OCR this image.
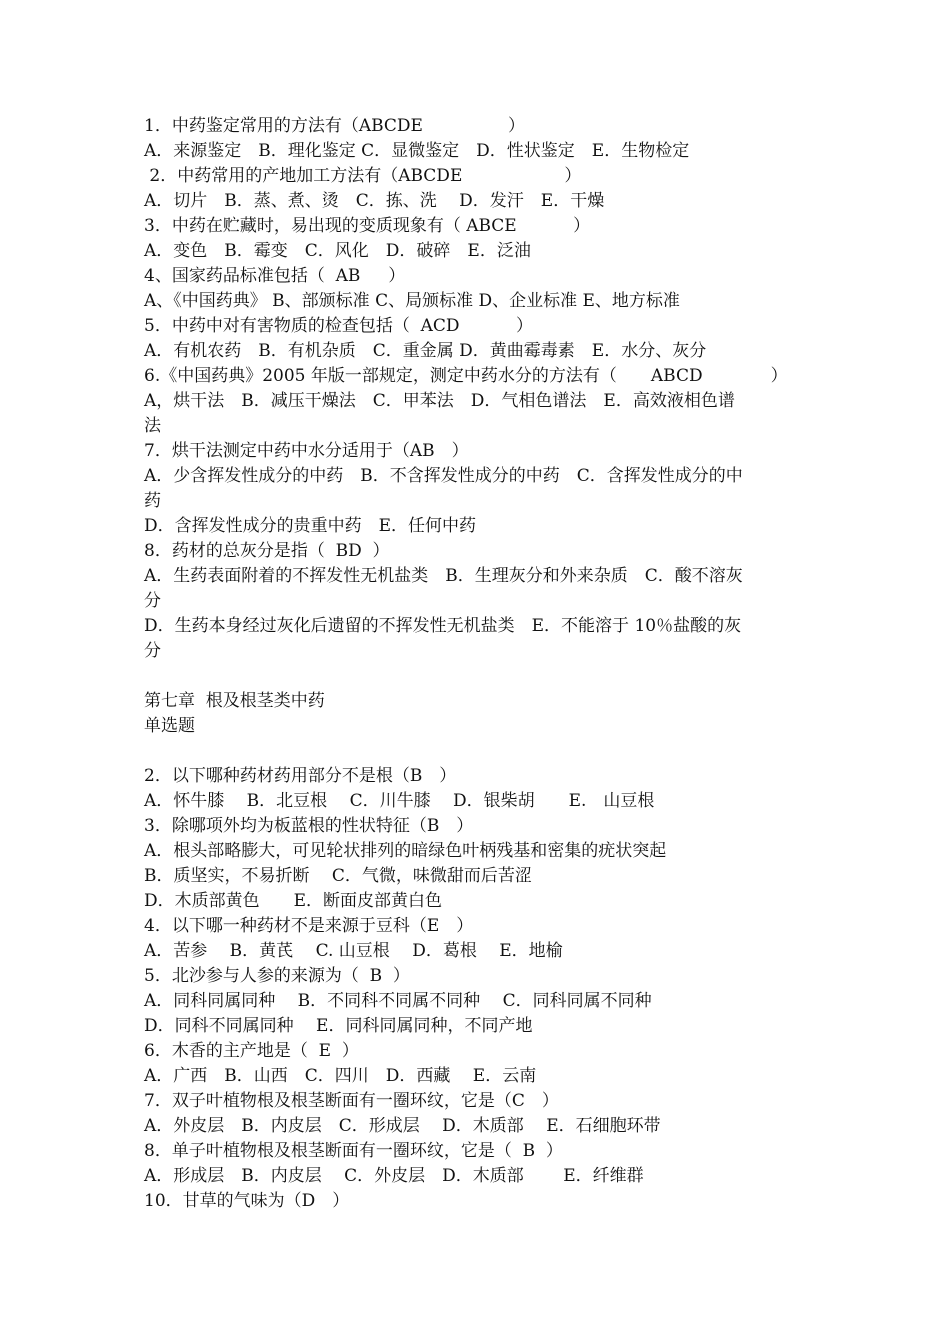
1．中药鉴定常用的方法有（ABCDE　　　　　）
A．来源鉴定　B．理化鉴定 C．显微鉴定　D．性状鉴定　E．生物检定
2．中药常用的产地加工方法有（ABCDE　　　　　　）
A．切片　B．蒸、煮、烫　C．拣、洗　 D．发汗　E．干燥
3．中药在贮藏时，易出现的变质现象有（ ABCE　　　 ）
A．变色　B．霉变　C．风化　D．破碎　E．泛油
4、国家药品标准包括（  AB　  ）
A、《中国药典》 B、部颁标准 C、局颁标准 D、企业标准 E、地方标准
5．中药中对有害物质的检查包括（  ACD　　　 ）
A．有机农药　B．有机杂质　C．重金属 D．黄曲霉毒素　E．水分、灰分
6.《中国药典》2005 年版一部规定，测定中药水分的方法有（　　ABCD　　　　）
A，烘干法　B．减压干燥法　C．甲苯法　D．气相色谱法　E．高效液相色谱
法
7．烘干法测定中药中水分适用于（AB　）
A．少含挥发性成分的中药　B．不含挥发性成分的中药　C．含挥发性成分的中
药
D．含挥发性成分的贵重中药　E．任何中药
8．药材的总灰分是指（  BD  ）
A．生药表面附着的不挥发性无机盐类　B．生理灰分和外来杂质　C．酸不溶灰
分
D．生药本身经过灰化后遗留的不挥发性无机盐类　E．不能溶于 10％盐酸的灰
分
第七章  根及根茎类中药
单选题
2．以下哪种药材药用部分不是根（B　）
A．怀牛膝　 B．北豆根　 C．川牛膝　 D．银柴胡　　E.　山豆根
3．除哪项外均为板蓝根的性状特征（B　）
A．根头部略膨大，可见轮状排列的暗绿色叶柄残基和密集的疣状突起
B．质坚实，不易折断　 C．气微，味微甜而后苦涩
D．木质部黄色　　E．断面皮部黄白色
4．以下哪一种药材不是来源于豆科（E　）
A．苦参　 B．黄芪　 C. 山豆根　 D．葛根　 E．地榆
5．北沙参与人参的来源为（  B  ）
A．同科同属同种　 B．不同科不同属不同种　 C．同科同属不同种
D．同科不同属同种　 E．同科同属同种，不同产地
6．木香的主产地是（  E  ）
A．广西　B．山西　C．四川　D．西藏　 E．云南
7．双子叶植物根及根茎断面有一圈环纹，它是（C　）
A．外皮层　B．内皮层　C．形成层　 D．木质部　 E．石细胞环带
8．单子叶植物根及根茎断面有一圈环纹，它是（  B  ）
A．形成层　B．内皮层　 C．外皮层　D．木质部　　 E．纤维群
10．甘草的气味为（D　）
